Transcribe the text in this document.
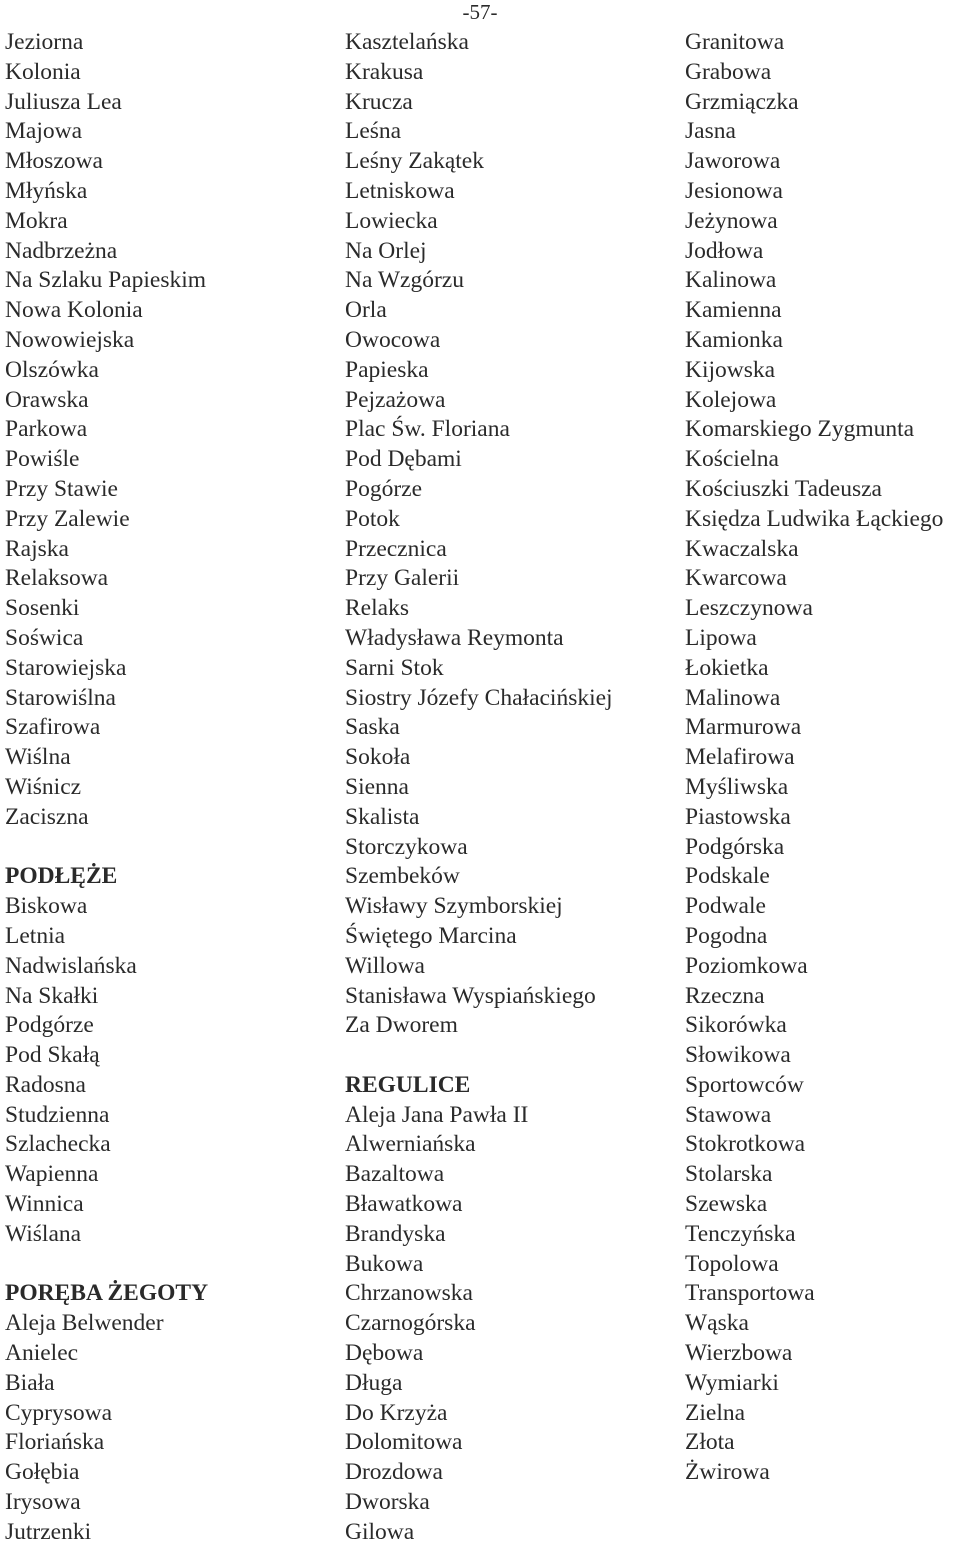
-57-
Jeziorna
Kolonia
Juliusza Lea
Majowa
Młoszowa
Młyńska
Mokra
Nadbrzeżna
Na Szlaku Papieskim
Nowa Kolonia
Nowowiejska
Olszówka
Orawska
Parkowa
Powiśle
Przy Stawie
Przy Zalewie
Rajska
Relaksowa
Sosenki
Soświca
Starowiejska
Starowiślna
Szafirowa
Wiślna
Wiśnicz
Zaciszna
PODŁĘŻE
Biskowa
Letnia
Nadwislańska
Na Skałki
Podgórze
Pod Skałą
Radosna
Studzienna
Szlachecka
Wapienna
Winnica
Wiślana
PORĘBA ŻEGOTY
Aleja Belwender
Anielec
Biała
Cyprysowa
Floriańska
Gołębia
Irysowa
Jutrzenki
Kasztelańska
Krakusa
Krucza
Leśna
Leśny Zakątek
Letniskowa
Lowiecka
Na Orlej
Na Wzgórzu
Orla
Owocowa
Papieska
Pejzażowa
Plac Św. Floriana
Pod Dębami
Pogórze
Potok
Przecznica
Przy Galerii
Relaks
Władysława Reymonta
Sarni Stok
Siostry Józefy Chałacińskiej
Saska
Sokoła
Sienna
Skalista
Storczykowa
Szembeków
Wisławy Szymborskiej
Świętego Marcina
Willowa
Stanisława Wyspiańskiego
Za Dworem
REGULICE
Aleja Jana Pawła II
Alwerniańska
Bazaltowa
Bławatkowa
Brandyska
Bukowa
Chrzanowska
Czarnogórska
Dębowa
Długa
Do Krzyża
Dolomitowa
Drozdowa
Dworska
Gilowa
Granitowa
Grabowa
Grzmiączka
Jasna
Jaworowa
Jesionowa
Jeżynowa
Jodłowa
Kalinowa
Kamienna
Kamionka
Kijowska
Kolejowa
Komarskiego Zygmunta
Kościelna
Kościuszki Tadeusza
Księdza Ludwika Łąckiego
Kwaczalska
Kwarcowa
Leszczynowa
Lipowa
Łokietka
Malinowa
Marmurowa
Melafirowa
Myśliwska
Piastowska
Podgórska
Podskale
Podwale
Pogodna
Poziomkowa
Rzeczna
Sikorówka
Słowikowa
Sportowców
Stawowa
Stokrotkowa
Stolarska
Szewska
Tenczyńska
Topolowa
Transportowa
Wąska
Wierzbowa
Wymiarki
Zielna
Złota
Żwirowa
